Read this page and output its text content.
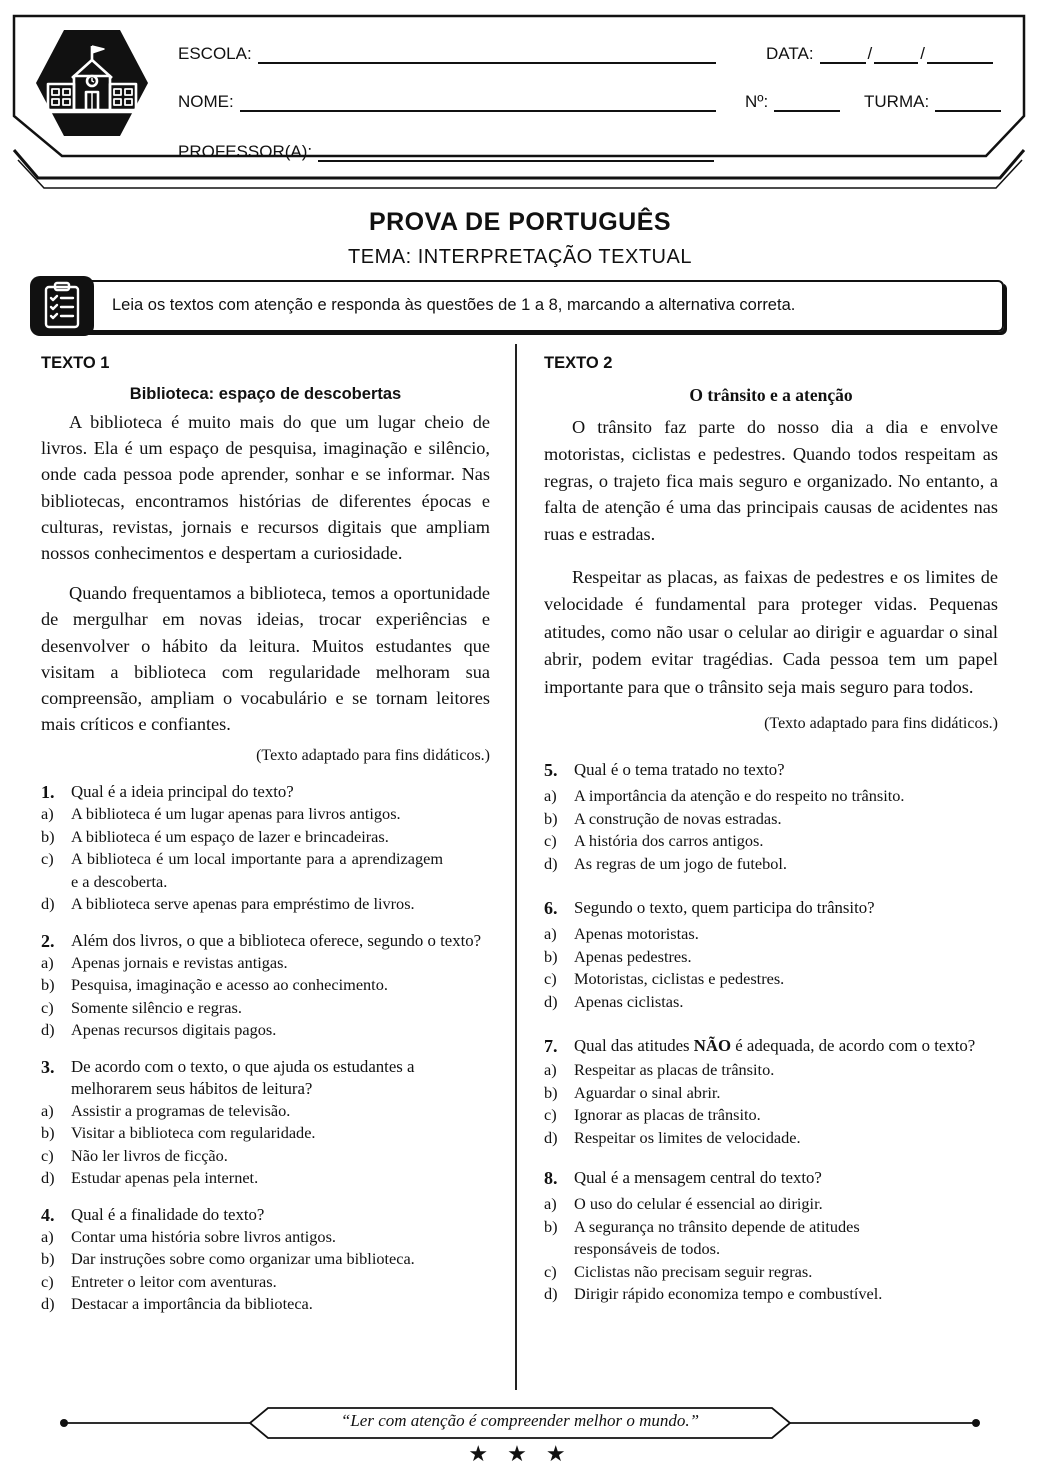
ESCOLA:	DATA:	/	/
NOME:	Nº:	TURMA:
PROFESSOR(A):
PROVA DE PORTUGUÊS
TEMA: INTERPRETAÇÃO TEXTUAL
Leia os textos com atenção e responda às questões de 1 a 8, marcando a alternativa correta.
TEXTO 1
Biblioteca: espaço de descobertas

A biblioteca é muito mais do que um lugar cheio de livros. Ela é um espaço de pesquisa, imaginação e silêncio, onde cada pessoa pode aprender, sonhar e se informar. Nas bibliotecas, encontramos histórias de diferentes épocas e culturas, revistas, jornais e recursos digitais que ampliam nossos conhecimentos e despertam a curiosidade.

Quando frequentamos a biblioteca, temos a oportunidade de mergulhar em novas ideias, trocar experiências e desenvolver o hábito da leitura. Muitos estudantes que visitam a biblioteca com regularidade melhoram sua compreensão, ampliam o vocabulário e se tornam leitores mais críticos e confiantes.

(Texto adaptado para fins didáticos.)
1. Qual é a ideia principal do texto?
a)	A biblioteca é um lugar apenas para livros antigos.
b)	A biblioteca é um espaço de lazer e brincadeiras.
c)	A biblioteca é um local importante para a aprendizagem e a descoberta.
d)	A biblioteca serve apenas para empréstimo de livros.
2. Além dos livros, o que a biblioteca oferece, segundo o texto?
a)	Apenas jornais e revistas antigas.
b)	Pesquisa, imaginação e acesso ao conhecimento.
c)	Somente silêncio e regras.
d)	Apenas recursos digitais pagos.
3. De acordo com o texto, o que ajuda os estudantes a melhorarem seus hábitos de leitura?
a)	Assistir a programas de televisão.
b)	Visitar a biblioteca com regularidade.
c)	Não ler livros de ficção.
d)	Estudar apenas pela internet.
4. Qual é a finalidade do texto?
a)	Contar uma história sobre livros antigos.
b)	Dar instruções sobre como organizar uma biblioteca.
c)	Entreter o leitor com aventuras.
d)	Destacar a importância da biblioteca.
TEXTO 2
O trânsito e a atenção

O trânsito faz parte do nosso dia a dia e envolve motoristas, ciclistas e pedestres. Quando todos respeitam as regras, o trajeto fica mais seguro e organizado. No entanto, a falta de atenção é uma das principais causas de acidentes nas ruas e estradas.

Respeitar as placas, as faixas de pedestres e os limites de velocidade é fundamental para proteger vidas. Pequenas atitudes, como não usar o celular ao dirigir e aguardar o sinal abrir, podem evitar tragédias. Cada pessoa tem um papel importante para que o trânsito seja mais seguro para todos.

(Texto adaptado para fins didáticos.)
5. Qual é o tema tratado no texto?
a)	A importância da atenção e do respeito no trânsito.
b)	A construção de novas estradas.
c)	A história dos carros antigos.
d)	As regras de um jogo de futebol.
6. Segundo o texto, quem participa do trânsito?
a)	Apenas motoristas.
b)	Apenas pedestres.
c)	Motoristas, ciclistas e pedestres.
d)	Apenas ciclistas.
7. Qual das atitudes NÃO é adequada, de acordo com o texto?
a)	Respeitar as placas de trânsito.
b)	Aguardar o sinal abrir.
c)	Ignorar as placas de trânsito.
d)	Respeitar os limites de velocidade.
8. Qual é a mensagem central do texto?
a)	O uso do celular é essencial ao dirigir.
b)	A segurança no trânsito depende de atitudes responsáveis de todos.
c)	Ciclistas não precisam seguir regras.
d)	Dirigir rápido economiza tempo e combustível.
“Ler com atenção é compreender melhor o mundo.”
★ ★ ★
